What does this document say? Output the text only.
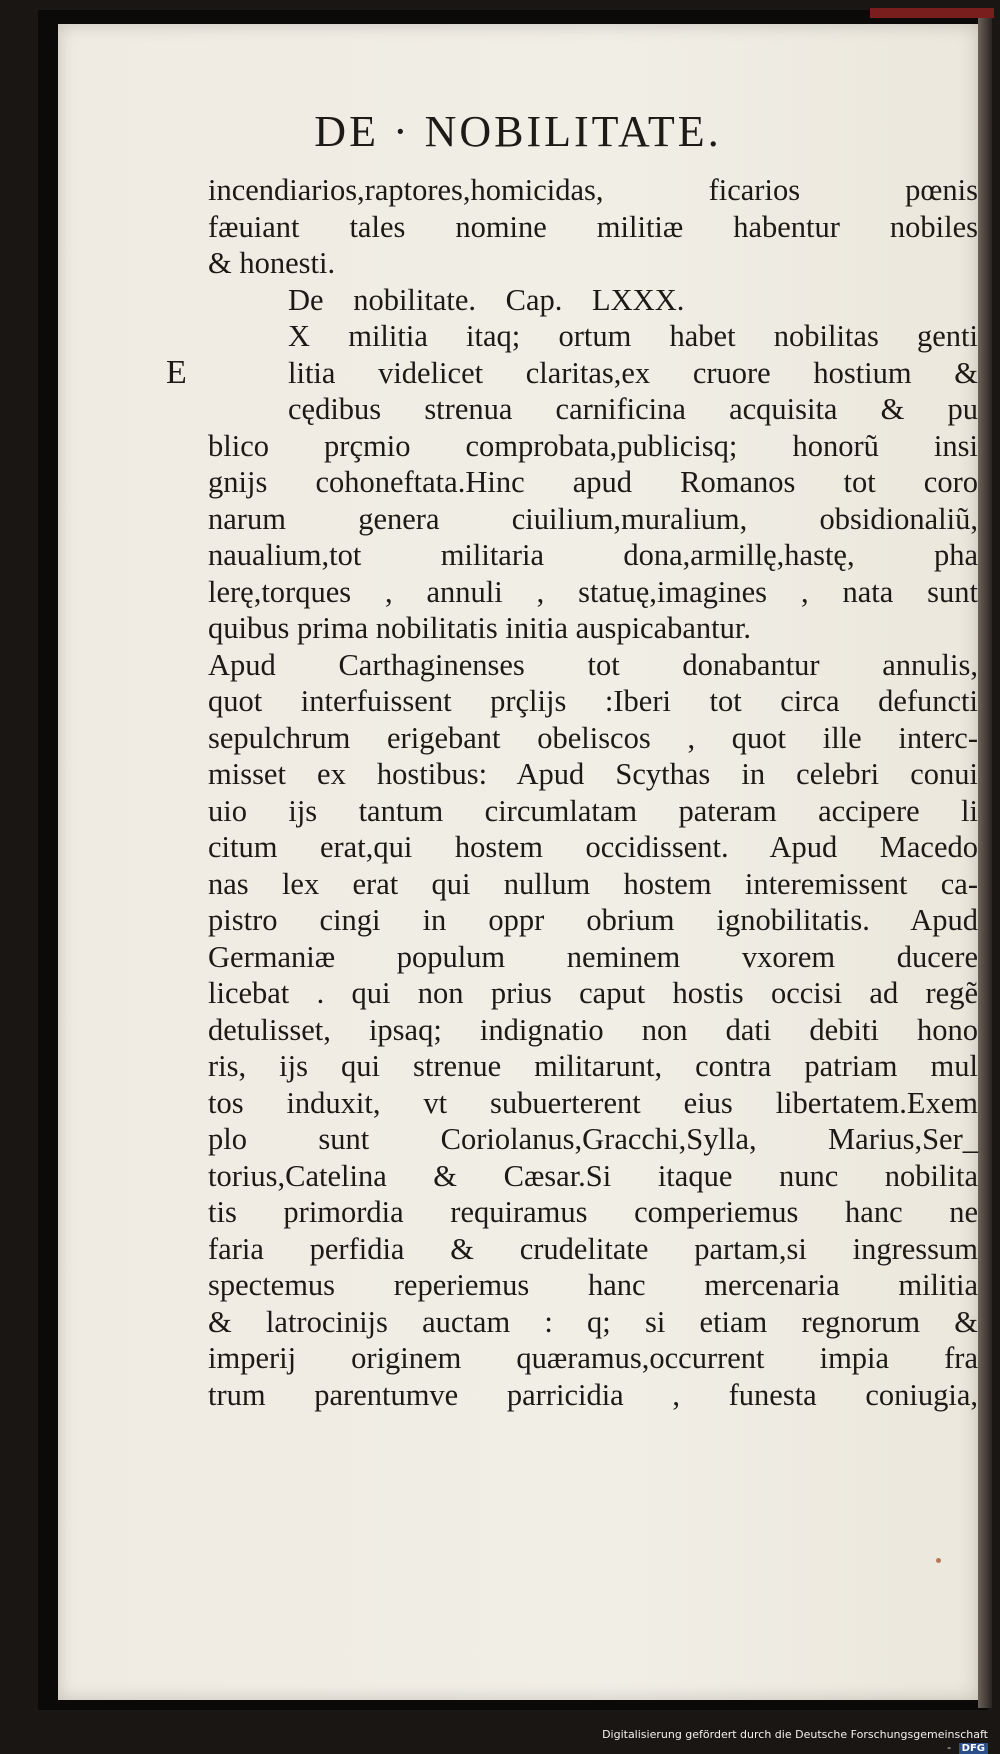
DE · NOBILITATE.
E
incendiarios,raptores,homicidas, ficarios pœnis
fæuiant tales nomine militiæ habentur nobiles
& honesti.
De nobilitate. Cap. LXXX.
X militia itaq; ortum habet nobilitas genti
litia videlicet claritas,ex cruore hostium &
cędibus strenua carnificina acquisita & pu
blico prçmio comprobata,publicisq; honorũ insi
gnijs cohoneftata.Hinc apud Romanos tot coro
narum genera ciuilium,muralium, obsidionaliũ,
naualium,tot militaria dona,armillę,hastę, pha
lerę,torques , annuli , statuę,imagines , nata sunt
quibus prima nobilitatis initia auspicabantur.
Apud Carthaginenses tot donabantur annulis,
quot interfuissent prçlijs :Iberi tot circa defuncti
sepulchrum erigebant obeliscos , quot ille interc-
misset ex hostibus: Apud Scythas in celebri conui
uio ijs tantum circumlatam pateram accipere li
citum erat,qui hostem occidissent. Apud Macedo
nas lex erat qui nullum hostem interemissent ca-
pistro cingi in oppr obrium ignobilitatis. Apud
Germaniæ populum neminem vxorem ducere
licebat . qui non prius caput hostis occisi ad regẽ
detulisset, ipsaq; indignatio non dati debiti hono
ris, ijs qui strenue militarunt, contra patriam mul
tos induxit, vt subuerterent eius libertatem.Exem
plo sunt Coriolanus,Gracchi,Sylla, Marius,Ser_
torius,Catelina & Cæsar.Si itaque nunc nobilita
tis primordia requiramus comperiemus hanc ne
faria perfidia & crudelitate partam,si ingressum
spectemus reperiemus hanc mercenaria militia
& latrocinijs auctam : q; si etiam regnorum &
imperij originem quæramus,occurrent impia fra
trum parentumve parricidia , funesta coniugia,
Digitalisierung gefördert durch die Deutsche Forschungsgemeinschaft - DFG
